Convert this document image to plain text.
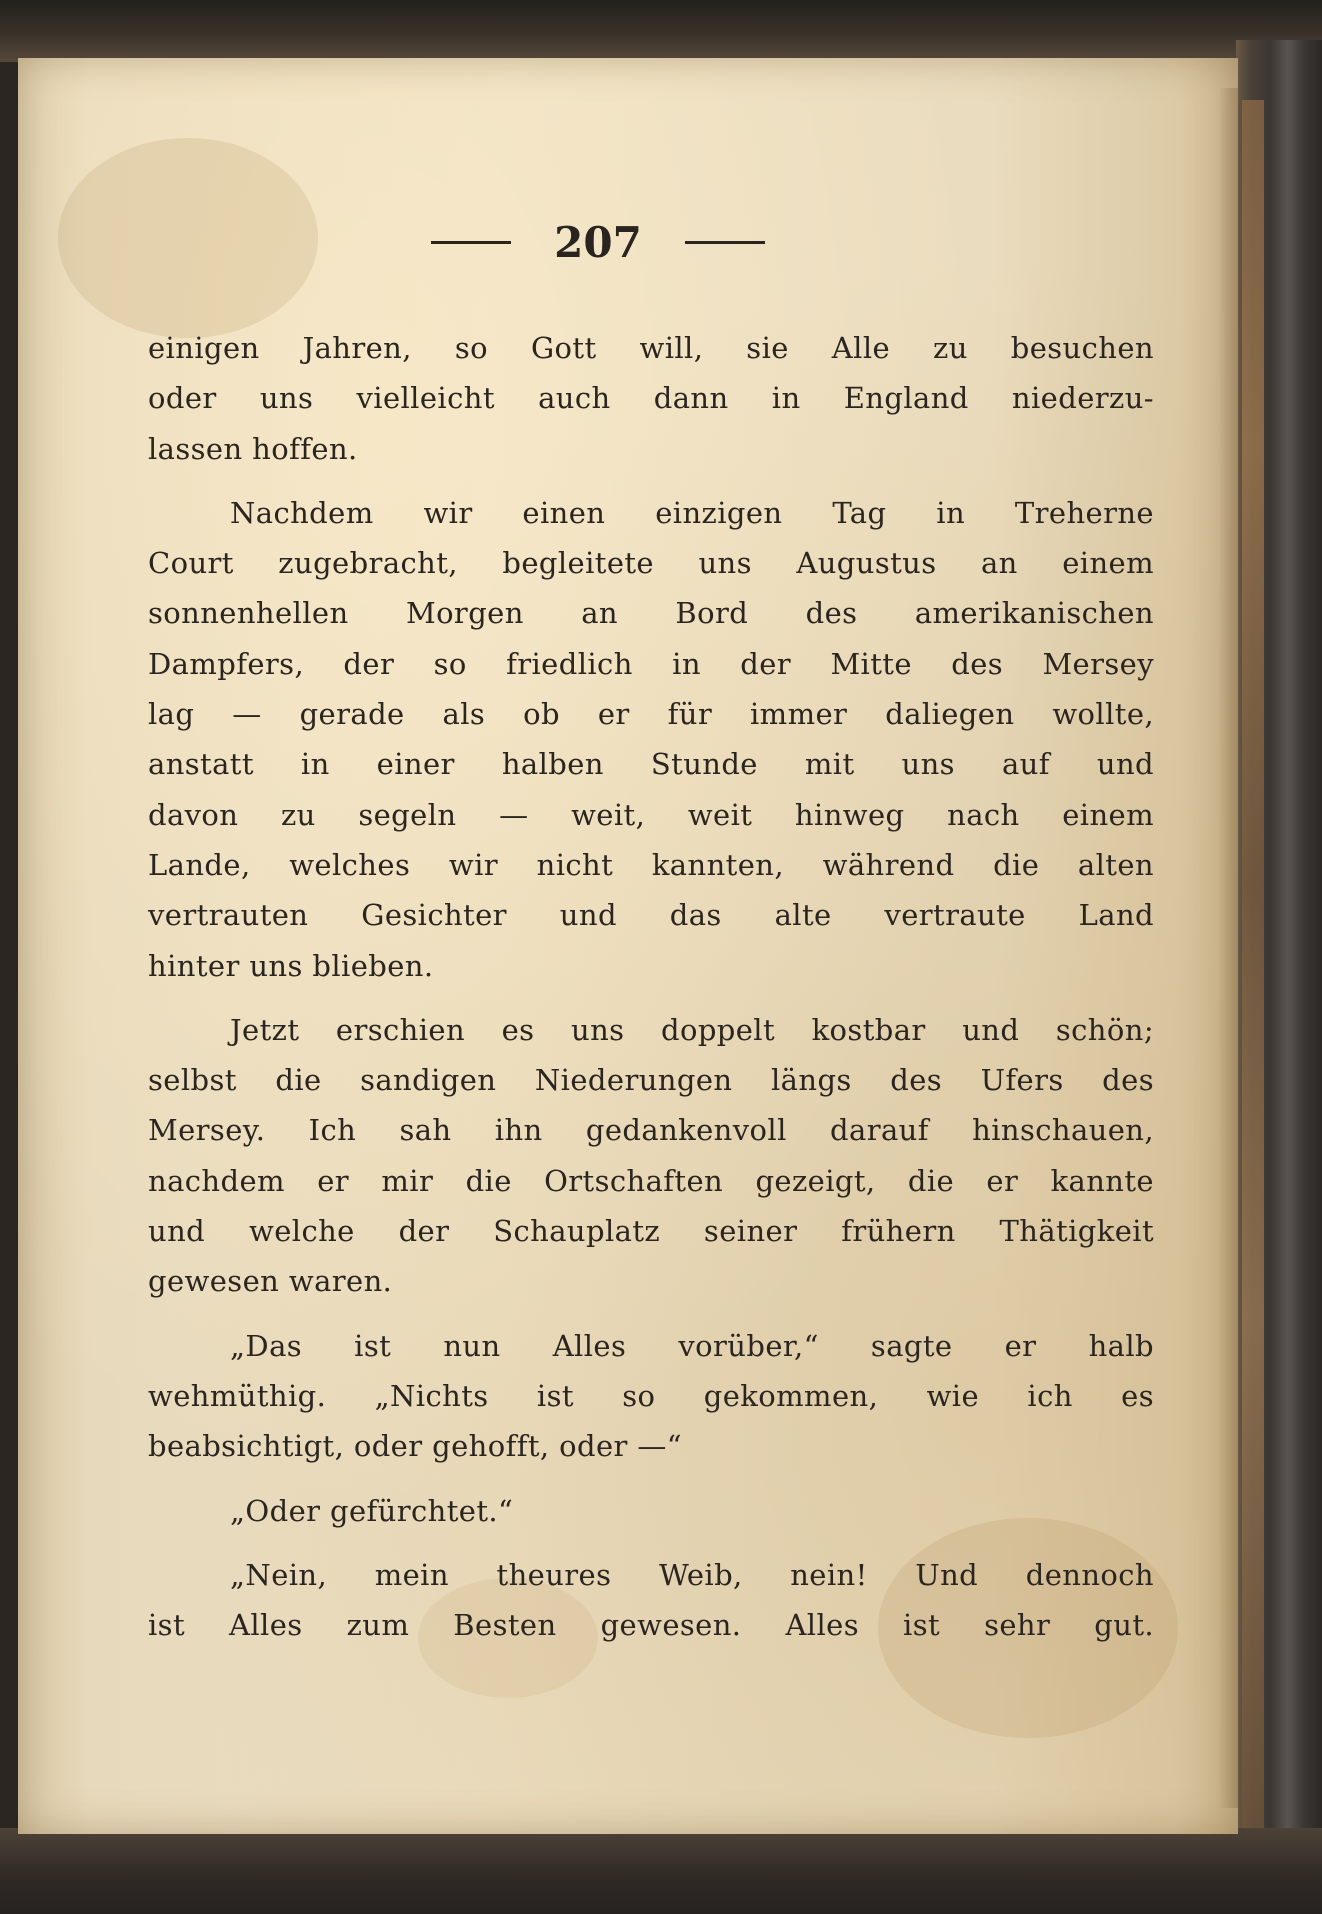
207
einigen Jahren, so Gott will, sie Alle zu besuchen
oder uns vielleicht auch dann in England niederzu-
lassen hoffen.
Nachdem wir einen einzigen Tag in Treherne
Court zugebracht, begleitete uns Augustus an einem
sonnenhellen Morgen an Bord des amerikanischen
Dampfers, der so friedlich in der Mitte des Mersey
lag — gerade als ob er für immer daliegen wollte,
anstatt in einer halben Stunde mit uns auf und
davon zu segeln — weit, weit hinweg nach einem
Lande, welches wir nicht kannten, während die alten
vertrauten Gesichter und das alte vertraute Land
hinter uns blieben.
Jetzt erschien es uns doppelt kostbar und schön;
selbst die sandigen Niederungen längs des Ufers des
Mersey. Ich sah ihn gedankenvoll darauf hinschauen,
nachdem er mir die Ortschaften gezeigt, die er kannte
und welche der Schauplatz seiner frühern Thätigkeit
gewesen waren.
„Das ist nun Alles vorüber,“ sagte er halb
wehmüthig. „Nichts ist so gekommen, wie ich es
beabsichtigt, oder gehofft, oder —“
„Oder gefürchtet.“
„Nein, mein theures Weib, nein! Und dennoch
ist Alles zum Besten gewesen. Alles ist sehr gut.
